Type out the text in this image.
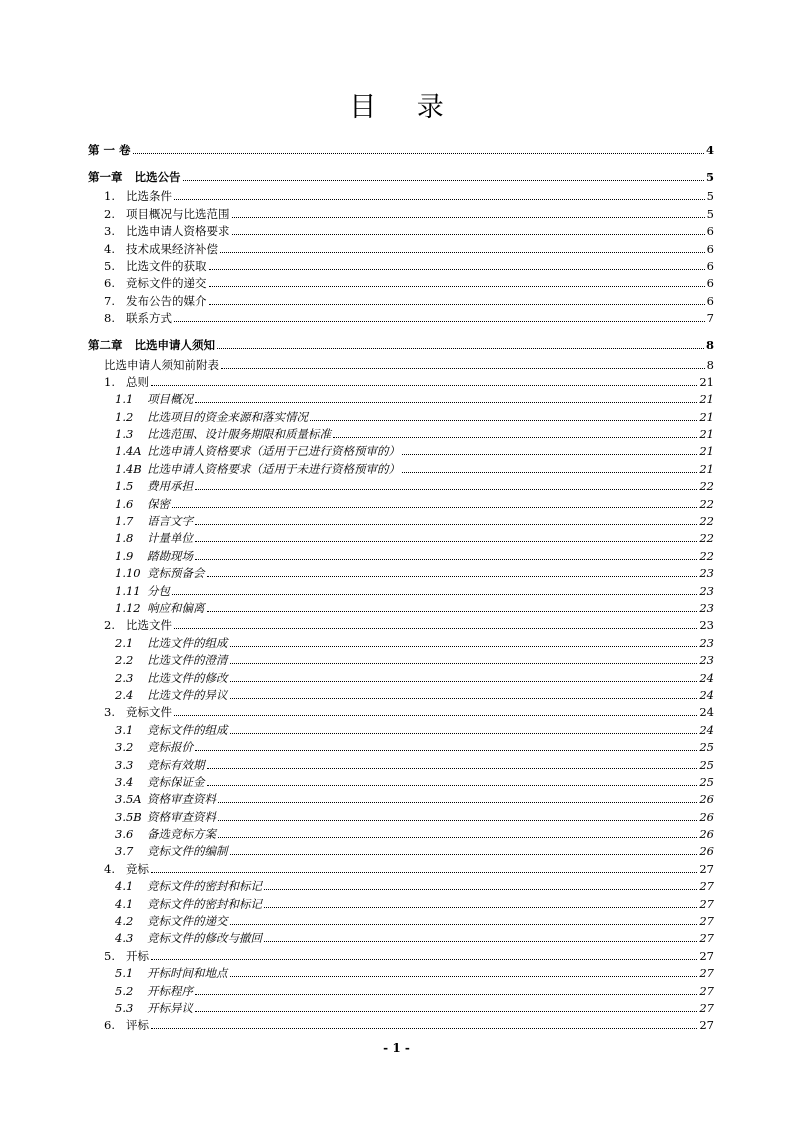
目 录
第 一 卷	4
第一章   比选公告	5
1. 比选条件	5
2. 项目概况与比选范围	5
3. 比选申请人资格要求	6
4. 技术成果经济补偿	6
5. 比选文件的获取	6
6. 竞标文件的递交	6
7. 发布公告的媒介	6
8. 联系方式	7
第二章   比选申请人须知	8
比选申请人须知前附表	8
1. 总则	21
1.1	项目概况	21
1.2	比选项目的资金来源和落实情况	21
1.3	比选范围、设计服务期限和质量标准	21
1.4A 比选申请人资格要求（适用于已进行资格预审的）	21
1.4B 比选申请人资格要求（适用于未进行资格预审的）	21
1.5	费用承担	22
1.6	保密	22
1.7	语言文字	22
1.8	计量单位	22
1.9	踏勘现场	22
1.10 竞标预备会	23
1.11 分包	23
1.12 响应和偏离	23
2. 比选文件	23
2.1	比选文件的组成	23
2.2	比选文件的澄清	23
2.3	比选文件的修改	24
2.4	比选文件的异议	24
3. 竞标文件	24
3.1	竞标文件的组成	24
3.2	竞标报价	25
3.3	竞标有效期	25
3.4	竞标保证金	25
3.5A 资格审查资料	26
3.5B 资格审查资料	26
3.6	备选竞标方案	26
3.7	竞标文件的编制	26
4. 竞标	27
4.1	竞标文件的密封和标记	27
4.1	竞标文件的密封和标记	27
4.2	竞标文件的递交	27
4.3	竞标文件的修改与撤回	27
5. 开标	27
5.1	开标时间和地点	27
5.2	开标程序	27
5.3	开标异议	27
6. 评标	27
- 1 -
